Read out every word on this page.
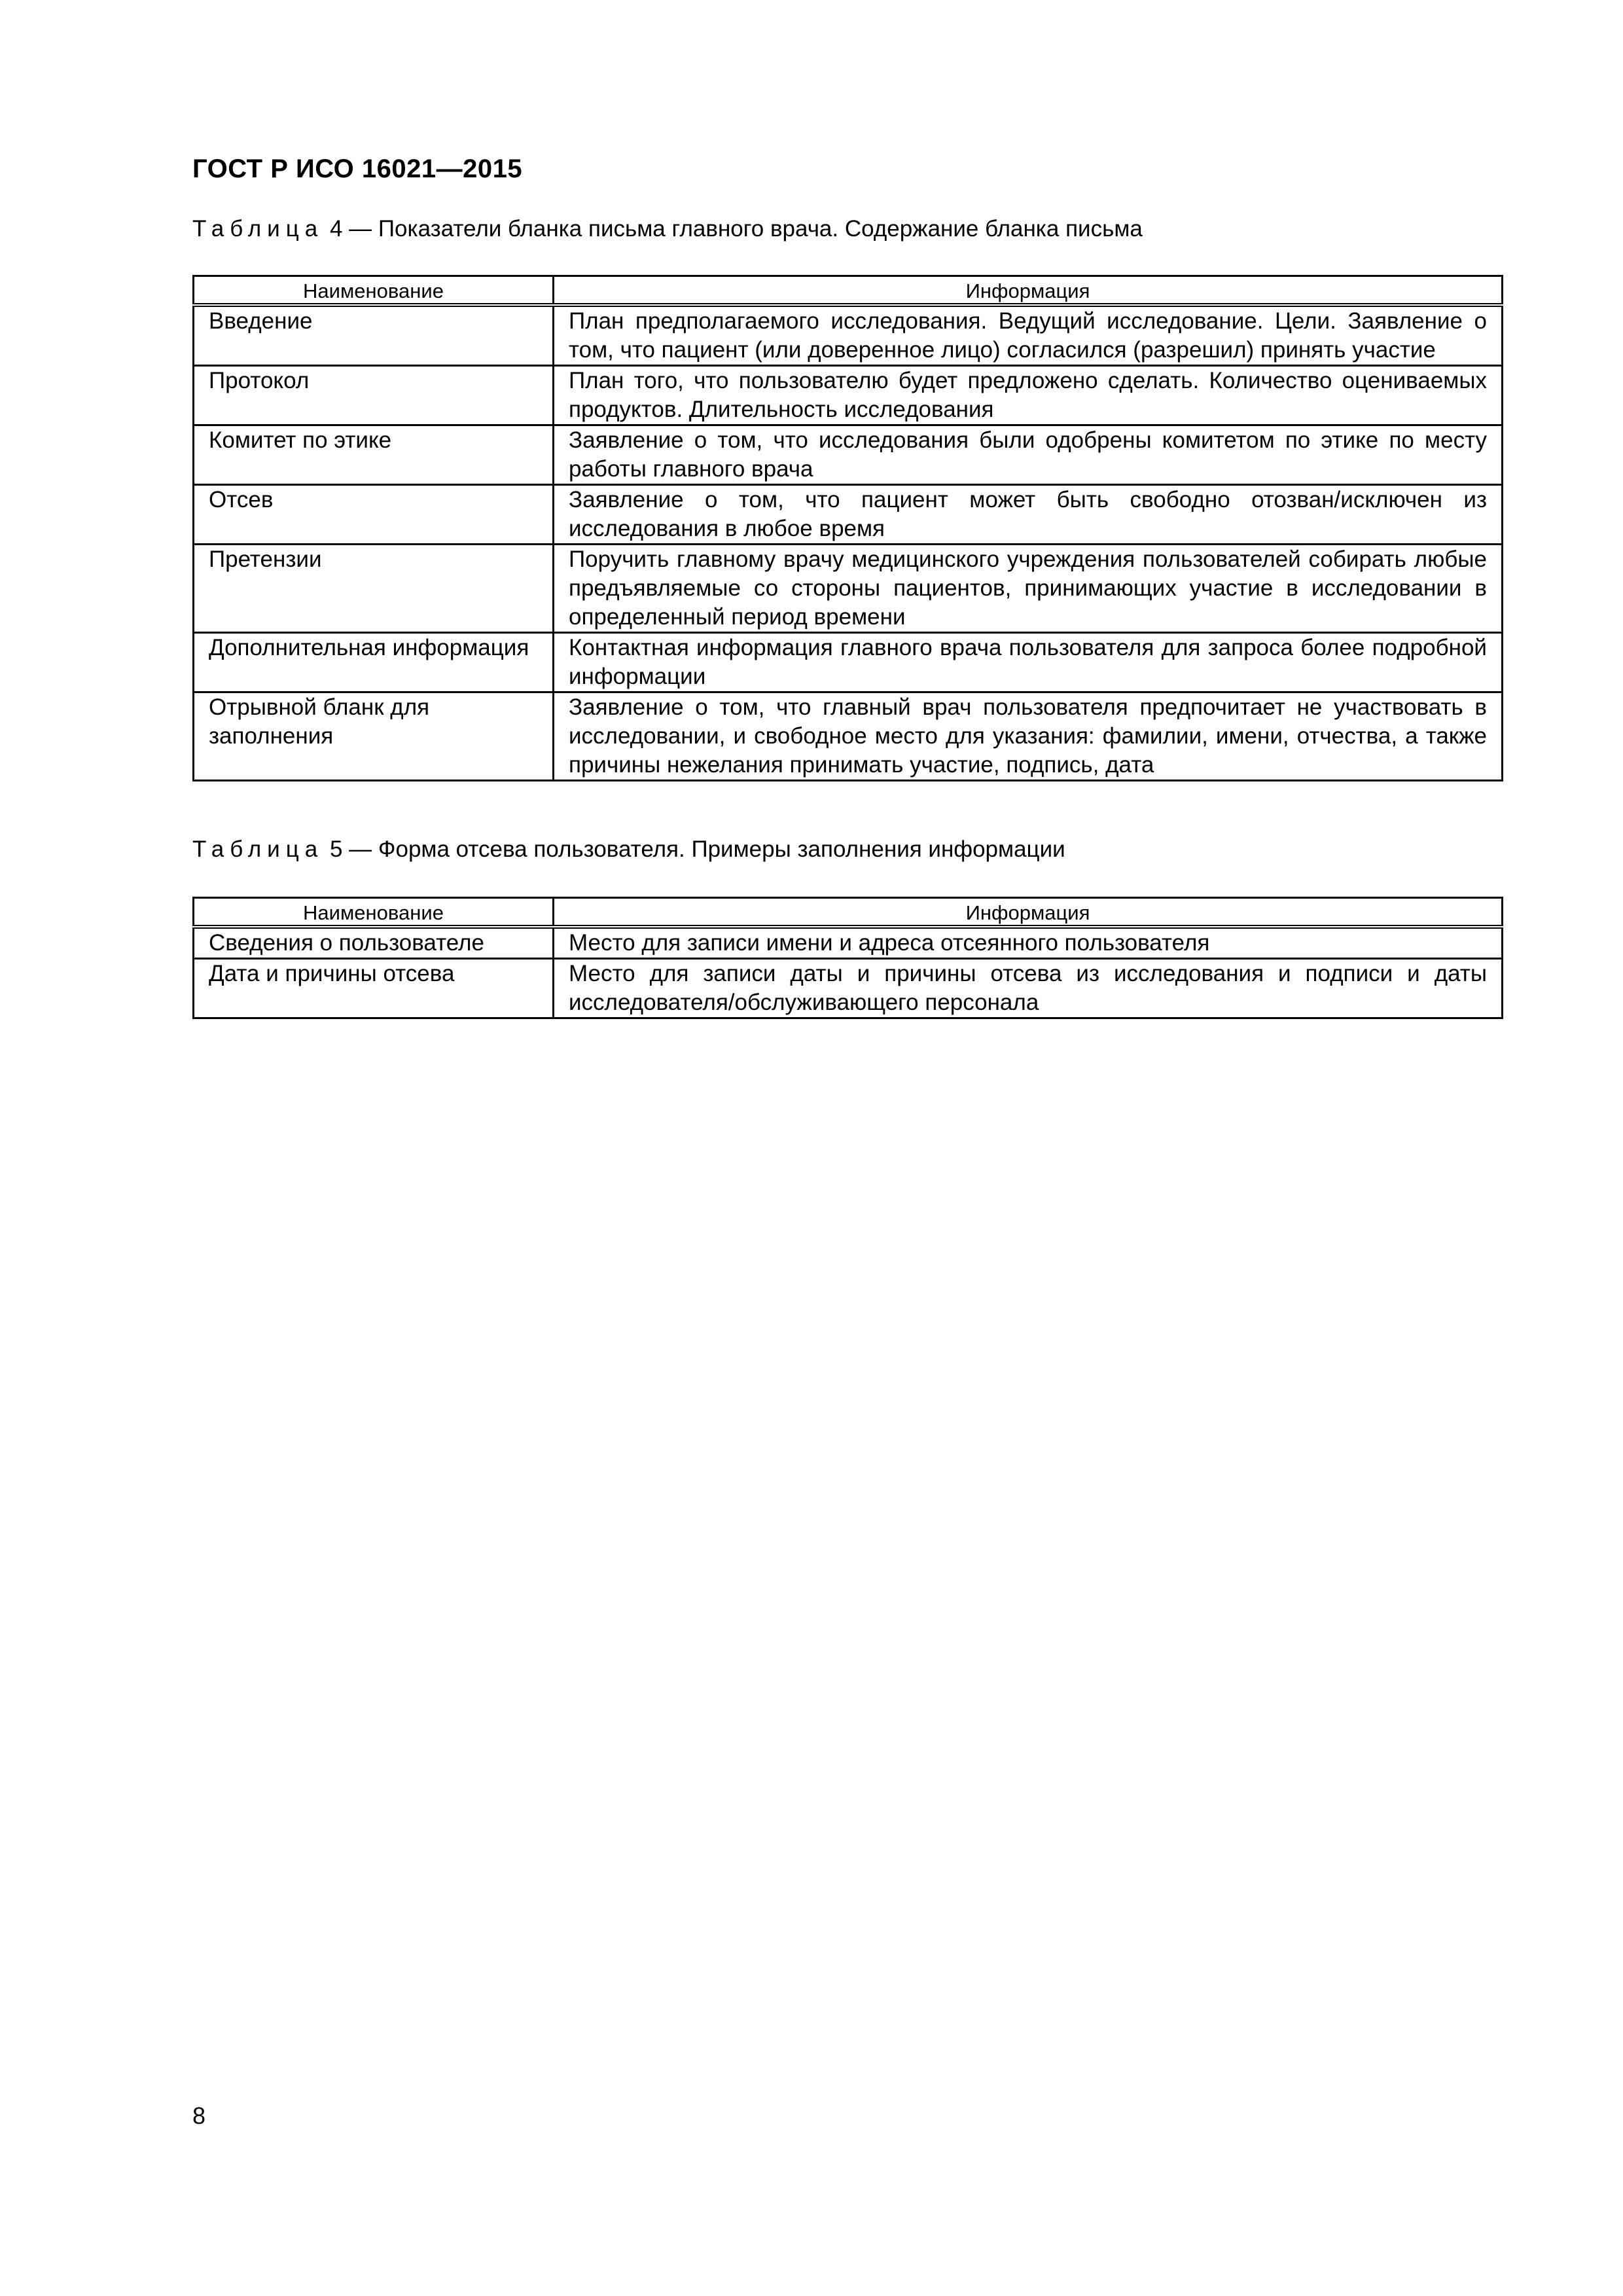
ГОСТ Р ИСО 16021—2015
Таблица 4 — Показатели бланка письма главного врача. Содержание бланка письма
Наименование	Информация
Введение	План предполагаемого исследования. Ведущий исследование. Цели. Заявление о том, что пациент (или доверенное лицо) согласился (разрешил) принять участие
Протокол	План того, что пользователю будет предложено сделать. Количество оцениваемых продуктов. Длительность исследования
Комитет по этике	Заявление о том, что исследования были одобрены комитетом по этике по месту работы главного врача
Отсев	Заявление о том, что пациент может быть свободно отозван/исключен из исследования в любое время
Претензии	Поручить главному врачу медицинского учреждения пользователей собирать любые предъявляемые со стороны пациентов, принимающих участие в исследовании в определенный период времени
Дополнительная информация	Контактная информация главного врача пользователя для запроса более подробной информации
Отрывной бланк для заполнения	Заявление о том, что главный врач пользователя предпочитает не участвовать в исследовании, и свободное место для указания: фамилии, имени, отчества, а также причины нежелания принимать участие, подпись, дата
Таблица 5 — Форма отсева пользователя. Примеры заполнения информации
Наименование	Информация
Сведения о пользователе	Место для записи имени и адреса отсеянного пользователя
Дата и причины отсева	Место для записи даты и причины отсева из исследования и подписи и даты исследователя/обслуживающего персонала
8
